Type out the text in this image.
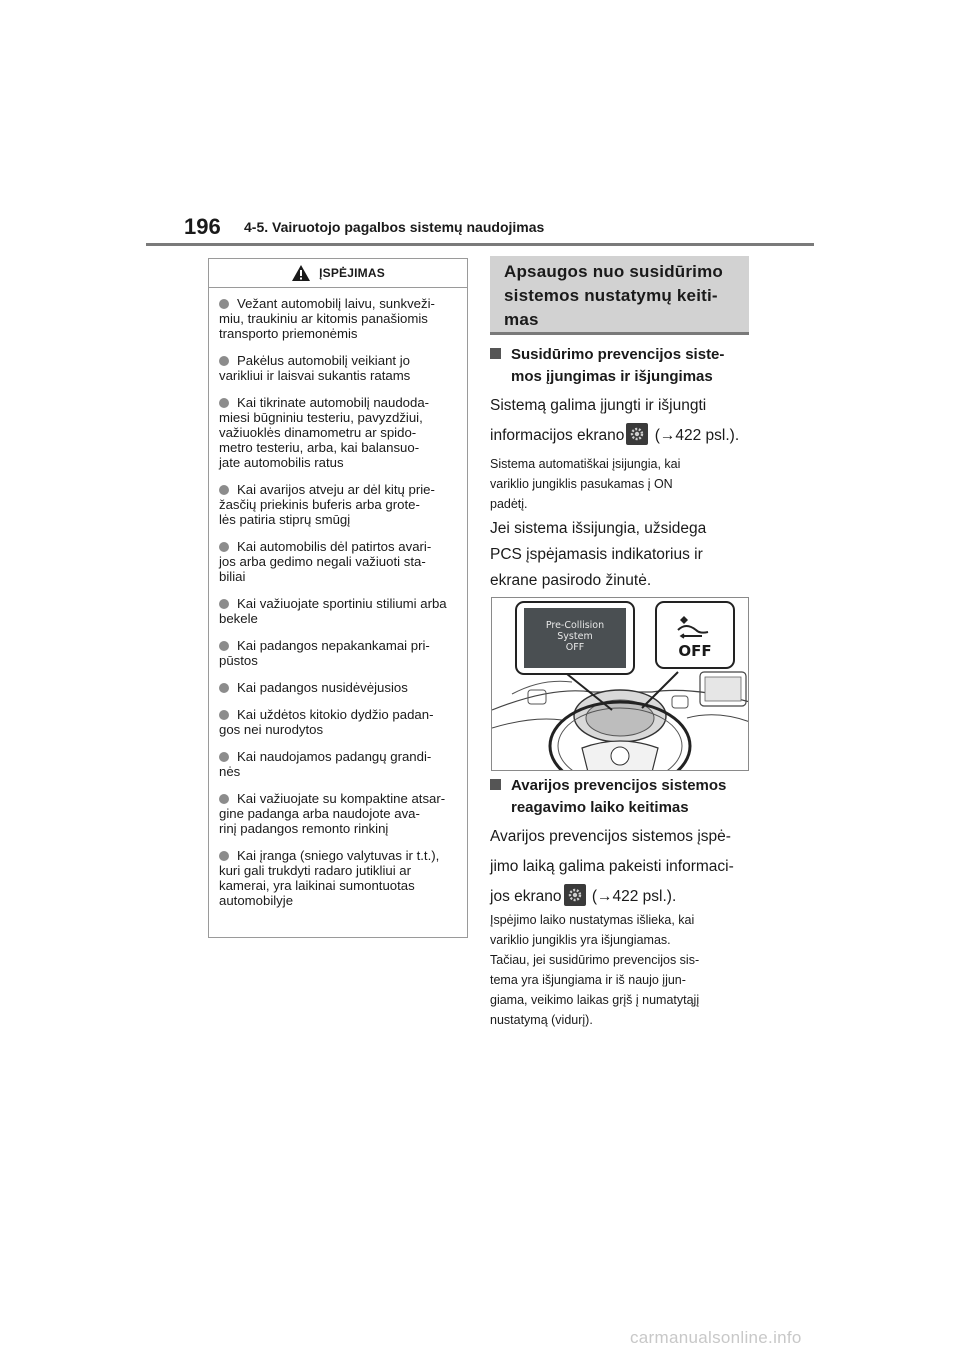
196 4-5. Vairuotojo pagalbos sistemų naudojimas
ĮSPĖJIMAS
Vežant automobilį laivu, sunkveži-
miu, traukiniu ar kitomis panašiomis
transporto priemonėmis
Pakėlus automobilį veikiant jo
varikliui ir laisvai sukantis ratams
Kai tikrinate automobilį naudoda-
miesi būgniniu testeriu, pavyzdžiui,
važiuoklės dinamometru ar spido-
metro testeriu, arba, kai balansuo-
jate automobilis ratus
Kai avarijos atveju ar dėl kitų prie-
žasčių priekinis buferis arba grote-
lės patiria stiprų smūgį
Kai automobilis dėl patirtos avari-
jos arba gedimo negali važiuoti sta-
biliai
Kai važiuojate sportiniu stiliumi arba
bekele
Kai padangos nepakankamai pri-
pūstos
Kai padangos nusidėvėjusios
Kai uždėtos kitokio dydžio padan-
gos nei nurodytos
Kai naudojamos padangų grandi-
nės
Kai važiuojate su kompaktine atsar-
gine padanga arba naudojote ava-
rinį padangos remonto rinkinį
Kai įranga (sniego valytuvas ir t.t.),
kuri gali trukdyti radaro jutikliui ar
kamerai, yra laikinai sumontuotas
automobilyje
Apsaugos nuo susidūrimo
sistemos nustatymų keiti-
mas
Susidūrimo prevencijos siste-
mos įjungimas ir išjungimas
Sistemą galima įjungti ir išjungti
informacijos ekrano (→422 psl.).
Sistema automatiškai įsijungia, kai
variklio jungiklis pasukamas į ON
padėtį.
Jei sistema išsijungia, užsidega
PCS įspėjamasis indikatorius ir
ekrane pasirodo žinutė.
Pre-Collision
System
OFF	OFF
Avarijos prevencijos sistemos
reagavimo laiko keitimas
Avarijos prevencijos sistemos įspė-
jimo laiką galima pakeisti informaci-
jos ekrano (→422 psl.).
Įspėjimo laiko nustatymas išlieka, kai
variklio jungiklis yra išjungiamas.
Tačiau, jei susidūrimo prevencijos sis-
tema yra išjungiama ir iš naujo įjun-
giama, veikimo laikas grįš į numatytąjį
nustatymą (vidurį).
carmanualsonline.info
